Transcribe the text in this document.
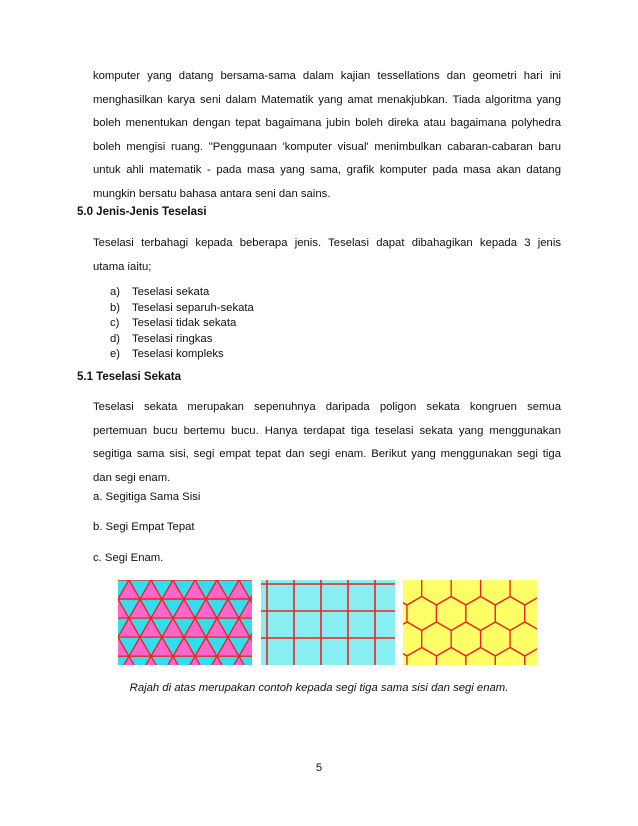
komputer yang datang bersama-sama dalam kajian tessellations dan geometri hari ini
menghasilkan karya seni dalam Matematik yang amat menakjubkan. Tiada algoritma yang
boleh menentukan dengan tepat bagaimana jubin boleh direka atau bagaimana polyhedra
boleh mengisi ruang. "Penggunaan 'komputer visual' menimbulkan cabaran-cabaran baru
untuk ahli matematik - pada masa yang sama, grafik komputer pada masa akan datang
mungkin bersatu bahasa antara seni dan sains.

5.0 Jenis-Jenis Teselasi

Teselasi terbahagi kepada beberapa jenis. Teselasi dapat dibahagikan kepada 3 jenis
utama iaitu;
a) Teselasi sekata
b) Teselasi separuh-sekata
c) Teselasi tidak sekata
d) Teselasi ringkas
e) Teselasi kompleks

5.1 Teselasi Sekata

Teselasi sekata merupakan sepenuhnya daripada poligon sekata kongruen semua
pertemuan bucu bertemu bucu. Hanya terdapat tiga teselasi sekata yang menggunakan
segitiga sama sisi, segi empat tepat dan segi enam. Berikut yang menggunakan segi tiga
dan segi enam.

a. Segitiga Sama Sisi

b. Segi Empat Tepat

c. Segi Enam.

Rajah di atas merupakan contoh kepada segi tiga sama sisi dan segi enam.

5
